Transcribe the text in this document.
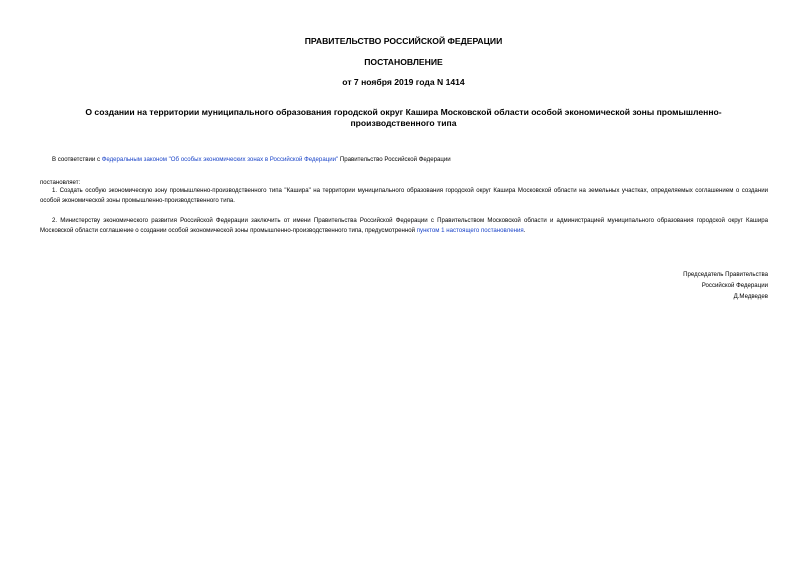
ПРАВИТЕЛЬСТВО РОССИЙСКОЙ ФЕДЕРАЦИИ
ПОСТАНОВЛЕНИЕ
от 7 ноября 2019 года N 1414
О создании на территории муниципального образования городской округ Кашира Московской области особой экономической зоны промышленно-производственного типа
В соответствии с Федеральным законом "Об особых экономических зонах в Российской Федерации" Правительство Российской Федерации
постановляет:
1. Создать особую экономическую зону промышленно-производственного типа "Кашира" на территории муниципального образования городской округ Кашира Московской области на земельных участках, определяемых соглашением о создании особой экономической зоны промышленно-производственного типа.
2. Министерству экономического развития Российской Федерации заключить от имени Правительства Российской Федерации с Правительством Московской области и администрацией муниципального образования городской округ Кашира Московской области соглашение о создании особой экономической зоны промышленно-производственного типа, предусмотренной пунктом 1 настоящего постановления.
Председатель Правительства
Российской Федерации
Д.Медведев
